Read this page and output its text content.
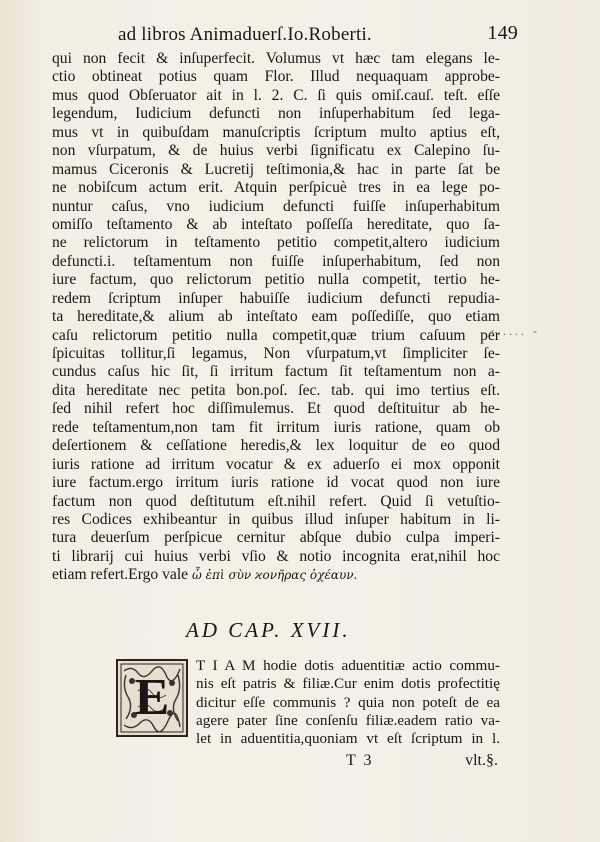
ad libros Animaduerſ.Io.Roberti.	149
qui non fecit & inſuperfecit. Volumus vt hæc tam elegans le-
ctio obtineat potius quam Flor. Illud nequaquam approbe-
mus quod Obſeruator ait in l. 2. C. ſi quis omiſ.cauſ. teſt. eſſe
legendum, Iudicium defuncti non inſuperhabitum ſed lega-
mus vt in quibuſdam manuſcriptis ſcriptum multo aptius eſt,
non vſurpatum, & de huius verbi ſignificatu ex Calepino ſu-
mamus Ciceronis & Lucretij teſtimonia,& hac in parte ſat be
ne nobiſcum actum erit. Atquin perſpicuè tres in ea lege po-
nuntur caſus, vno iudicium defuncti fuiſſe inſuperhabitum
omiſſo teſtamento & ab inteſtato poſſeſſa hereditate, quo ſa-
ne relictorum in teſtamento petitio competit,altero iudicium
defuncti.i. teſtamentum non fuiſſe inſuperhabitum, ſed non
iure factum, quo relictorum petitio nulla competit, tertio he-
redem ſcriptum inſuper habuiſſe iudicium defuncti repudia-
ta hereditate,& alium ab inteſtato eam poſſediſſe, quo etiam
caſu relictorum petitio nulla competit,quæ trium caſuum per
ſpicuitas tollitur,ſi legamus, Non vſurpatum,vt ſimpliciter ſe-
cundus caſus hic ſit, ſi irritum factum ſit teſtamentum non a-
dita hereditate nec petita bon.poſ. ſec. tab. qui imo tertius eſt.
ſed nihil refert hoc diſſimulemus. Et quod deſtituitur ab he-
rede teſtamentum,non tam fit irritum iuris ratione, quam ob
deſertionem & ceſſatione heredis,& lex loquitur de eo quod
iuris ratione ad irritum vocatur & ex aduerſo ei mox opponit
iure factum.ergo irritum iuris ratione id vocat quod non iure
factum non quod deſtitutum eſt.nihil refert. Quid ſi vetuſtio-
res Codices exhibeantur in quibus illud inſuper habitum in li-
tura deuerſum perſpicue cernitur abſque dubio culpa imperi-
ti librarij cui huius verbi vſio & notio incognita erat,nihil hoc
etiam refert.Ergo vale ὦ ἐπὶ σὺν ϰονῆρας ὀχέαυν.
⸗..... -
AD CAP. XVII.
E
T I A M hodie dotis aduentitiæ actio commu-
nis eſt patris & filiæ.Cur enim dotis profectitię
dicitur eſſe communis ? quia non poteſt de ea
agere pater ſine conſenſu filiæ.eadem ratio va-
let in aduentitia,quoniam vt eſt ſcriptum in l.
T 3	vlt.§.
